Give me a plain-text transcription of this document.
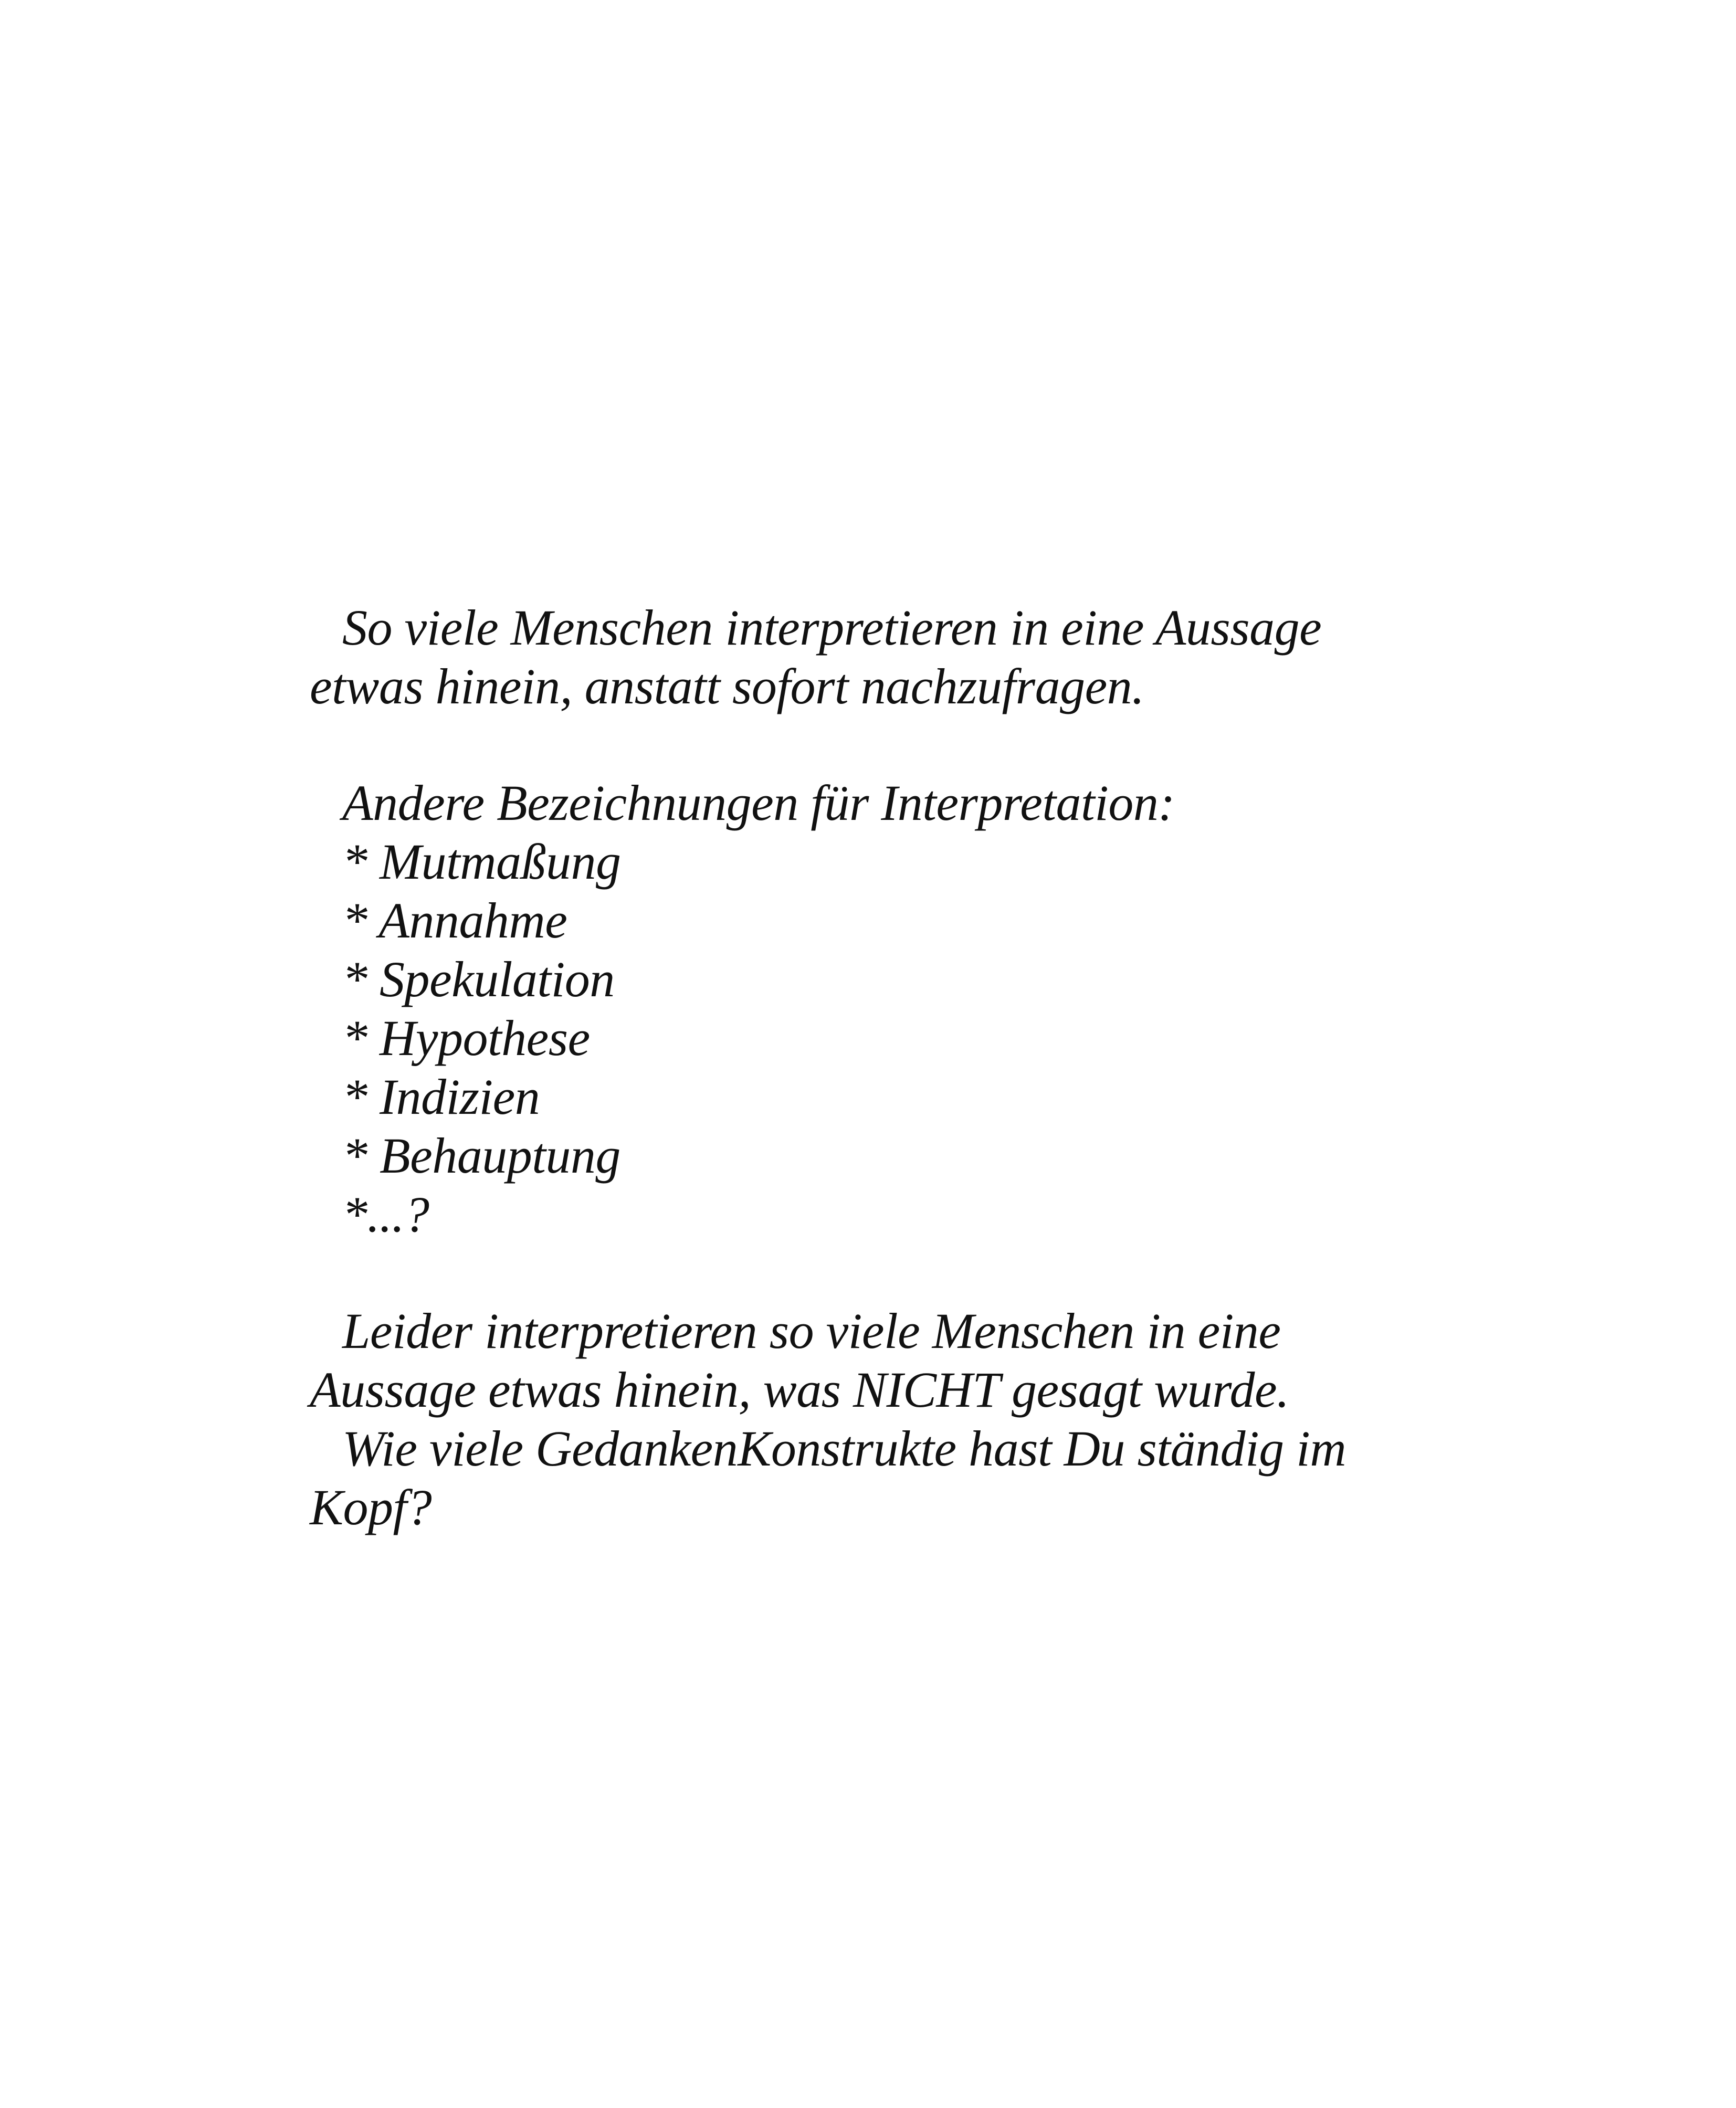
So viele Menschen interpretieren in eine Aussage
etwas hinein, anstatt sofort nachzufragen.
Andere Bezeichnungen für Interpretation:
* Mutmaßung
* Annahme
* Spekulation
* Hypothese
* Indizien
* Behauptung
*...?
Leider interpretieren so viele Menschen in eine
Aussage etwas hinein, was NICHT gesagt wurde.
Wie viele GedankenKonstrukte hast Du ständig im
Kopf?
